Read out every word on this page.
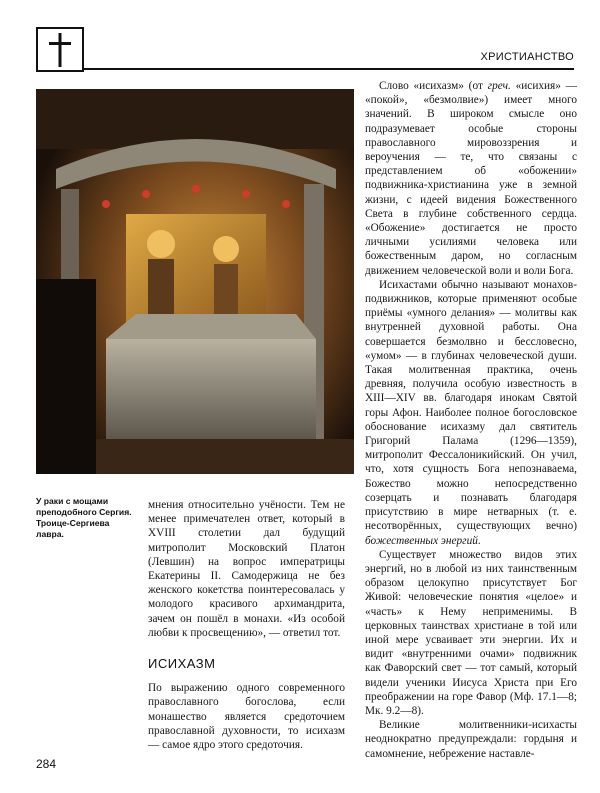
ХРИСТИАНСТВО
У раки с мощами преподобного Сергия. Троице-Сергиева лавра.

мнения относительно учёности. Тем не менее примечателен ответ, который в XVIII столетии дал будущий митрополит Московский Платон (Левшин) на вопрос императрицы Екатерины II. Самодержица не без женского кокетства поинтересовалась у молодого красивого архимандрита, зачем он пошёл в монахи. «Из особой любви к просвещению», — ответил тот.

ИСИХАЗМ

По выражению одного современного православного богослова, если монашество является средоточием православной духовности, то исихазм — самое ядро этого средоточия.

Слово «исихазм» (от греч. «исихия» — «покой», «безмолвие») имеет много значений. В широком смысле оно подразумевает особые стороны православного мировоззрения и вероучения — те, что связаны с представлением об «обожении» подвижника-христианина уже в земной жизни, с идеей видения Божественного Света в глубине собственного сердца. «Обожение» достигается не просто личными усилиями человека или божественным даром, но согласным движением человеческой воли и воли Бога.

Исихастами обычно называют монахов-подвижников, которые применяют особые приёмы «умного делания» — молитвы как внутренней духовной работы. Она совершается безмолвно и бессловесно, «умом» — в глубинах человеческой души. Такая молитвенная практика, очень древняя, получила особую известность в XIII—XIV вв. благодаря инокам Святой горы Афон. Наиболее полное богословское обоснование исихазму дал святитель Григорий Палама (1296—1359), митрополит Фессалоникийский. Он учил, что, хотя сущность Бога непознаваема, Божество можно непосредственно созерцать и познавать благодаря присутствию в мире нетварных (т. е. несотворённых, существующих вечно) божественных энергий.

Существует множество видов этих энергий, но в любой из них таинственным образом целокупно присутствует Бог Живой: человеческие понятия «целое» и «часть» к Нему неприменимы. В церковных таинствах христиане в той или иной мере усваивает эти энергии. Их и видит «внутренними очами» подвижник как Фаворский свет — тот самый, который видели ученики Иисуса Христа при Его преображении на горе Фавор (Мф. 17.1—8; Мк. 9.2—8).

Великие молитвенники-исихасты неоднократно предупреждали: гордыня и самомнение, небрежение наставле-

284
